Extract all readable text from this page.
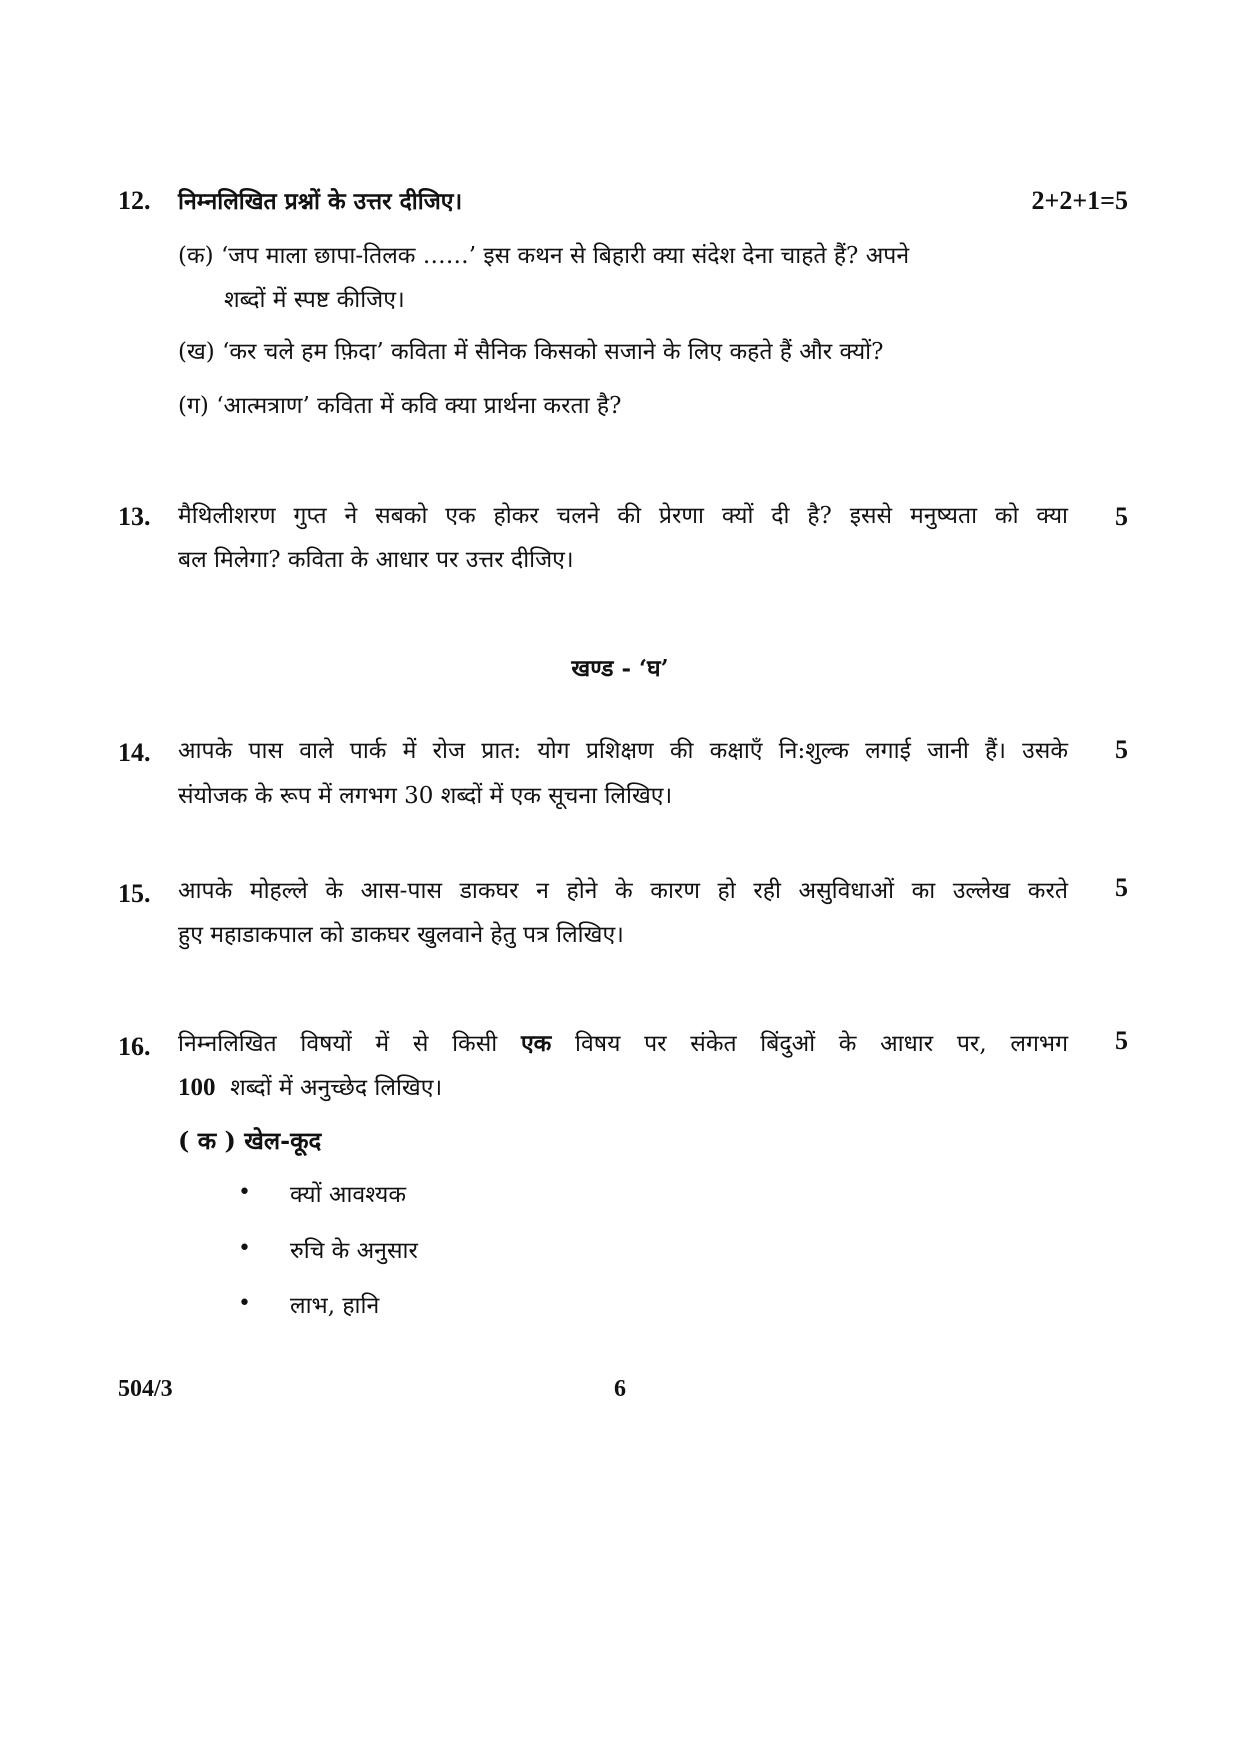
12. निम्नलिखित प्रश्नों के उत्तर दीजिए।	2+2+1=5
(क) ‘जप माला छापा-तिलक ……’ इस कथन से बिहारी क्या संदेश देना चाहते हैं? अपने
शब्दों में स्पष्ट कीजिए।
(ख) ‘कर चले हम फ़िदा’ कविता में सैनिक किसको सजाने के लिए कहते हैं और क्यों?
(ग) ‘आत्मत्राण’ कविता में कवि क्या प्रार्थना करता है?
13. मैथिलीशरण गुप्त ने सबको एक होकर चलने की प्रेरणा क्यों दी है? इससे मनुष्यता को क्या
बल मिलेगा? कविता के आधार पर उत्तर दीजिए।
5
खण्ड - ‘घ’
14. आपके पास वाले पार्क में रोज प्रात: योग प्रशिक्षण की कक्षाएँ नि:शुल्क लगाई जानी हैं। उसके
संयोजक के रूप में लगभग 30 शब्दों में एक सूचना लिखिए।
5
15. आपके मोहल्ले के आस-पास डाकघर न होने के कारण हो रही असुविधाओं का उल्लेख करते
हुए महाडाकपाल को डाकघर खुलवाने हेतु पत्र लिखिए।
5
16. निम्नलिखित विषयों में से किसी एक विषय पर संकेत बिंदुओं के आधार पर, लगभग
100 शब्दों में अनुच्छेद लिखिए।
5
( क ) खेल-कूद
• क्यों आवश्यक
• रुचि के अनुसार
• लाभ, हानि
504/3	6
